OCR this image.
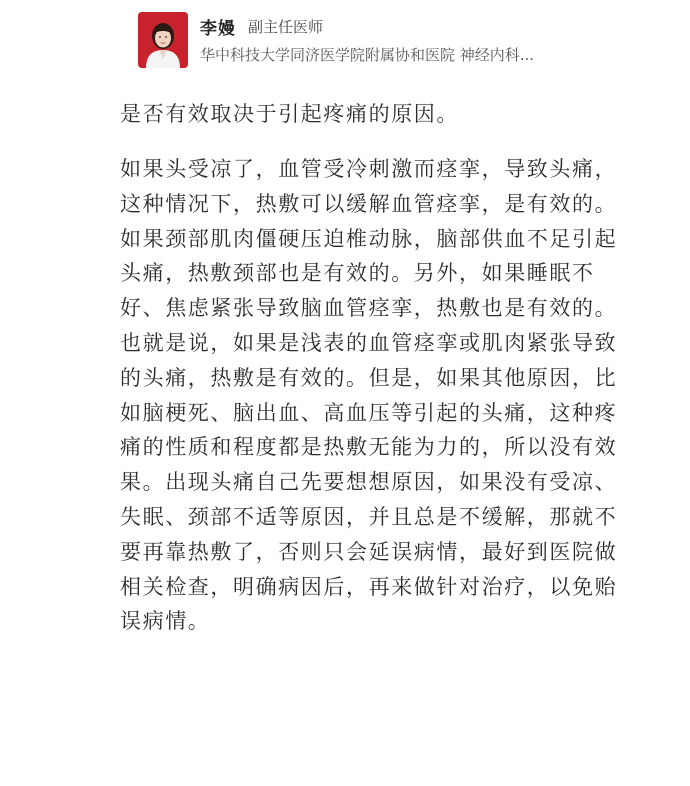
李嫚 副主任医师
华中科技大学同济医学院附属协和医院 神经内科...

是否有效取决于引起疼痛的原因。

如果头受凉了，血管受冷刺激而痉挛，导致头痛，这种情况下，热敷可以缓解血管痉挛，是有效的。如果颈部肌肉僵硬压迫椎动脉，脑部供血不足引起头痛，热敷颈部也是有效的。另外，如果睡眠不好、焦虑紧张导致脑血管痉挛，热敷也是有效的。也就是说，如果是浅表的血管痉挛或肌肉紧张导致的头痛，热敷是有效的。但是，如果其他原因，比如脑梗死、脑出血、高血压等引起的头痛，这种疼痛的性质和程度都是热敷无能为力的，所以没有效果。出现头痛自己先要想想原因，如果没有受凉、失眠、颈部不适等原因，并且总是不缓解，那就不要再靠热敷了，否则只会延误病情，最好到医院做相关检查，明确病因后，再来做针对治疗，以免贻误病情。
